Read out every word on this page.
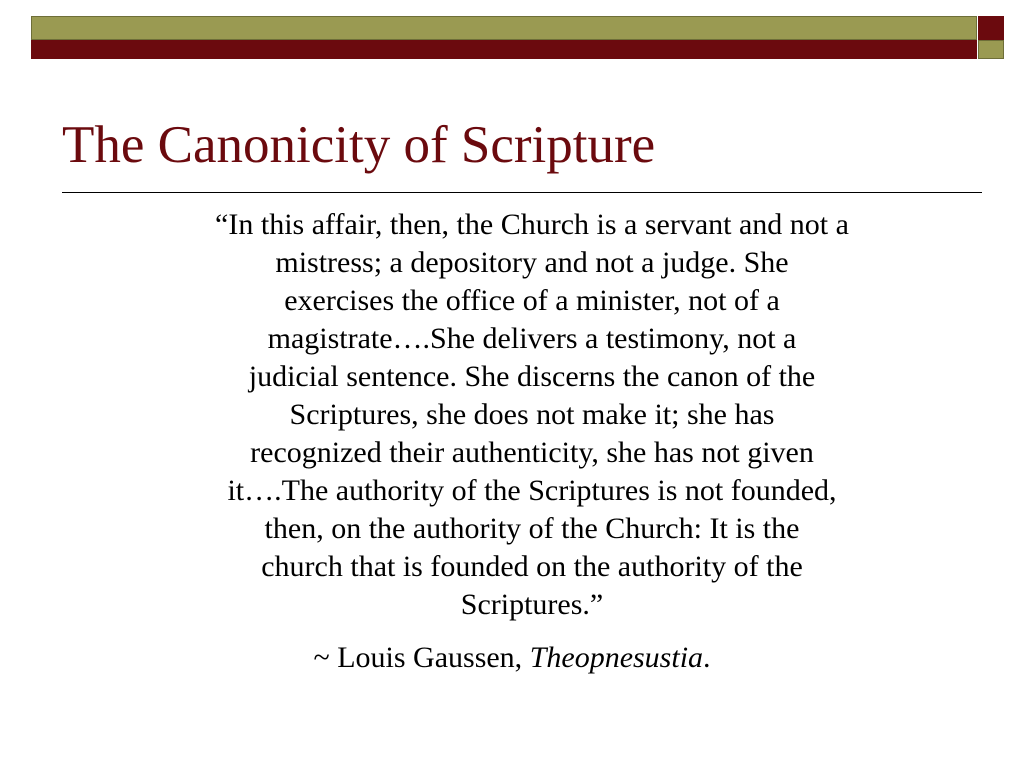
The Canonicity of Scripture

“In this affair, then, the Church is a servant and not a
mistress; a depository and not a judge. She
exercises the office of a minister, not of a
magistrate….She delivers a testimony, not a
judicial sentence. She discerns the canon of the
Scriptures, she does not make it; she has
recognized their authenticity, she has not given
it….The authority of the Scriptures is not founded,
then, on the authority of the Church: It is the
church that is founded on the authority of the
Scriptures.”

~ Louis Gaussen, Theopnesustia.
